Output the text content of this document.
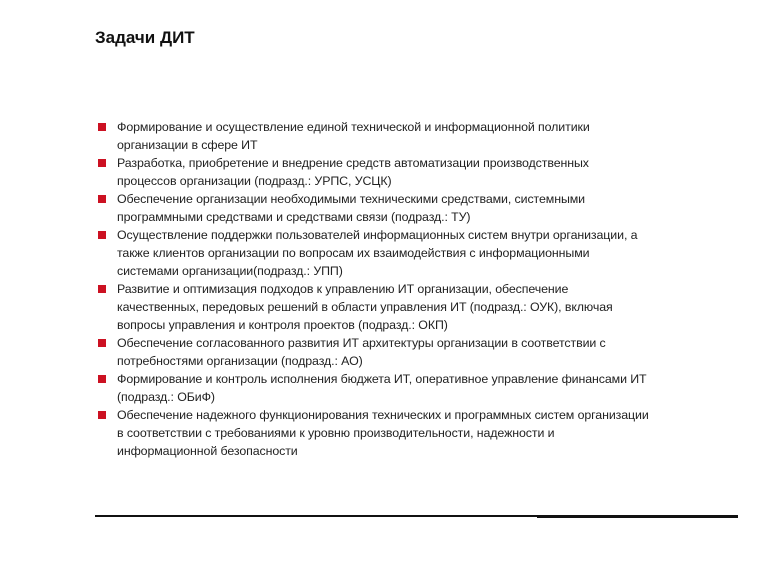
Задачи ДИТ
Формирование и осуществление единой технической и информационной политики
организации в сфере ИТ
Разработка, приобретение и внедрение средств автоматизации производственных
процессов организации (подразд.: УРПС, УСЦК)
Обеспечение организации необходимыми техническими средствами, системными
программными средствами и средствами связи (подразд.: ТУ)
Осуществление поддержки пользователей информационных систем внутри организации, а
также клиентов организации по вопросам их взаимодействия с информационными
системами организации(подразд.: УПП)
Развитие и оптимизация подходов к управлению ИТ организации, обеспечение
качественных, передовых решений в области управления ИТ (подразд.: ОУК), включая
вопросы управления и контроля проектов (подразд.: ОКП)
Обеспечение согласованного развития ИТ архитектуры организации в соответствии с
потребностями организации (подразд.: АО)
Формирование и контроль исполнения бюджета ИТ, оперативное управление финансами ИТ
(подразд.: ОБиФ)
Обеспечение надежного функционирования технических и программных систем организации
в соответствии с требованиями к уровню производительности, надежности и
информационной безопасности
